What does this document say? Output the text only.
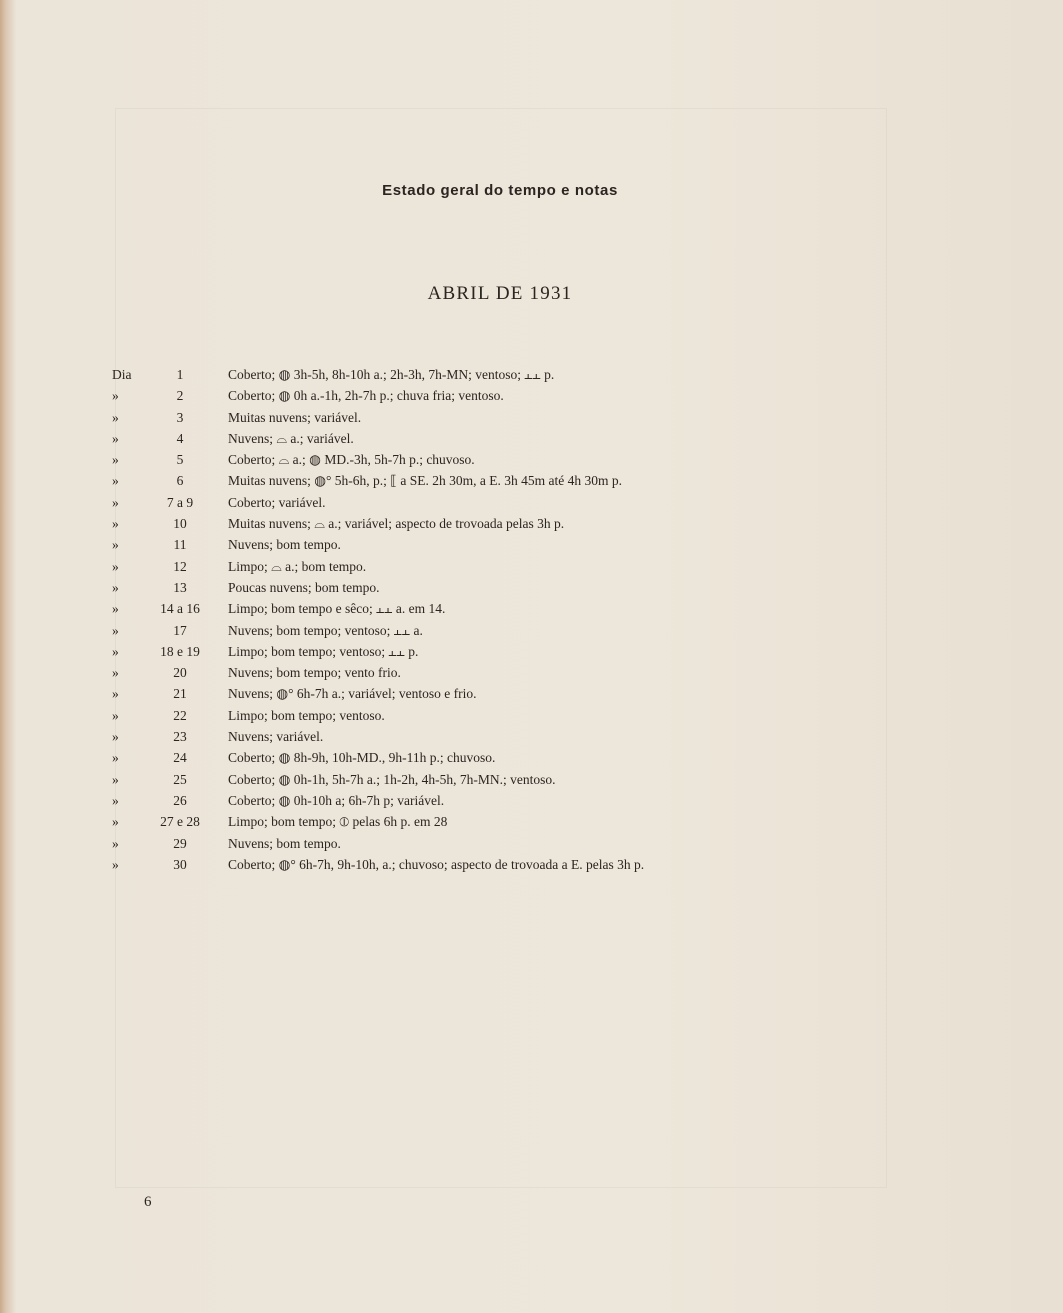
Estado geral do tempo e notas
ABRIL DE 1931
Dia	1	Coberto; ◍ 3h-5h, 8h-10h a.; 2h-3h, 7h-MN; ventoso; ⫠⫠ p.
»	2	Coberto; ◍ 0h a.-1h, 2h-7h p.; chuva fria; ventoso.
»	3	Muitas nuvens; variável.
»	4	Nuvens; ⌓ a.; variável.
»	5	Coberto; ⌓ a.; ◍ MD.-3h, 5h-7h p.; chuvoso.
»	6	Muitas nuvens; ◍° 5h-6h, p.; ⟦ a SE. 2h 30m, a E. 3h 45m até 4h 30m p.
»	7 a 9	Coberto; variável.
»	10	Muitas nuvens; ⌓ a.; variável; aspecto de trovoada pelas 3h p.
»	11	Nuvens; bom tempo.
»	12	Limpo; ⌓ a.; bom tempo.
»	13	Poucas nuvens; bom tempo.
»	14 a 16	Limpo; bom tempo e sêco; ⫠⫠ a. em 14.
»	17	Nuvens; bom tempo; ventoso; ⫠⫠ a.
»	18 e 19	Limpo; bom tempo; ventoso; ⫠⫠ p.
»	20	Nuvens; bom tempo; vento frio.
»	21	Nuvens; ◍° 6h-7h a.; variável; ventoso e frio.
»	22	Limpo; bom tempo; ventoso.
»	23	Nuvens; variável.
»	24	Coberto; ◍ 8h-9h, 10h-MD., 9h-11h p.; chuvoso.
»	25	Coberto; ◍ 0h-1h, 5h-7h a.; 1h-2h, 4h-5h, 7h-MN.; ventoso.
»	26	Coberto; ◍ 0h-10h a; 6h-7h p; variável.
»	27 e 28	Limpo; bom tempo; ⦶ pelas 6h p. em 28
»	29	Nuvens; bom tempo.
»	30	Coberto; ◍° 6h-7h, 9h-10h, a.; chuvoso; aspecto de trovoada a E. pelas 3h p.
6
